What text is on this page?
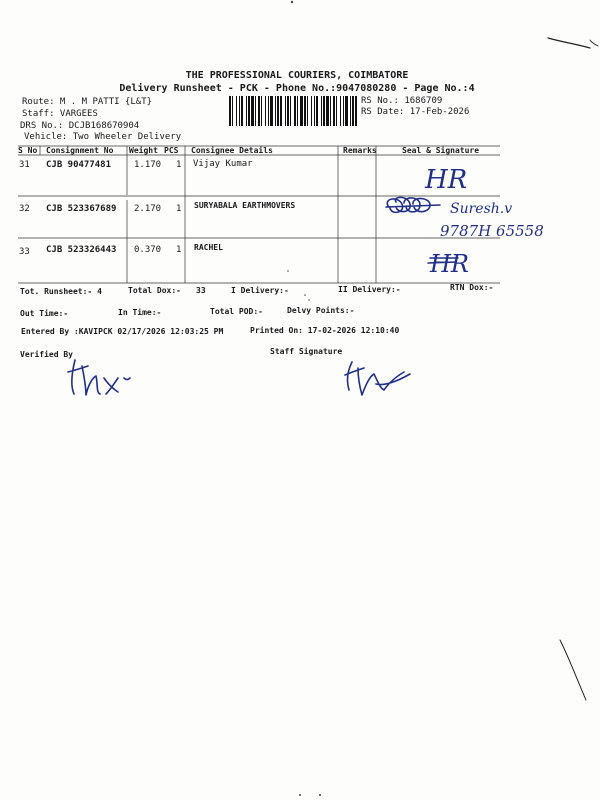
THE PROFESSIONAL COURIERS, COIMBATORE
Delivery Runsheet - PCK - Phone No.:9047080280 - Page No.:4
Route: M . M PATTI {L&T}
Staff: VARGEES
DRS No.: DCJB168670904
Vehicle: Two Wheeler Delivery
RS No.: 1686709
RS Date: 17-Feb-2026
S No Consignment No Weight PCS Consignee Details	Remarks	Seal & Signature
31 CJB 90477481	1.170 1 Vijay Kumar
32 CJB 523367689 2.170 1 SURYABALA EARTHMOVERS
33 CJB 523326443 0.370 1 RACHEL
Tot. Runsheet:- 4	Total Dox:- 33	I Delivery:-	II Delivery:-	RTN Dox:-
Out Time:-	In Time:-	Total POD:-	Delvy Points:-
Entered By :KAVIPCK 02/17/2026 12:03:25 PM	Printed On: 17-02-2026 12:10:40
Verified By	Staff Signature
HR
Suresh.v
9787H 65558
HR
